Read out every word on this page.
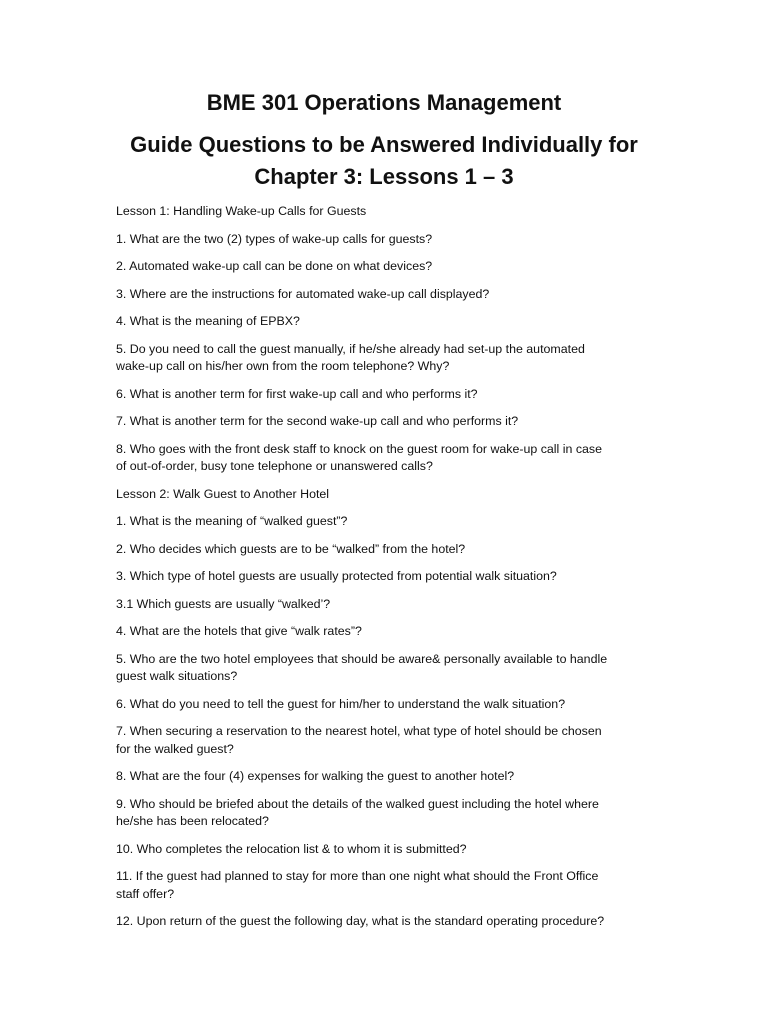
BME 301 Operations Management
Guide Questions to be Answered Individually for
Chapter 3: Lessons 1 – 3

Lesson 1: Handling Wake-up Calls for Guests

1. What are the two (2) types of wake-up calls for guests?

2. Automated wake-up call can be done on what devices?

3. Where are the instructions for automated wake-up call displayed?

4. What is the meaning of EPBX?

5. Do you need to call the guest manually, if he/she already had set-up the automated

wake-up call on his/her own from the room telephone? Why?

6. What is another term for first wake-up call and who performs it?

7. What is another term for the second wake-up call and who performs it?

8. Who goes with the front desk staff to knock on the guest room for wake-up call in case

of out-of-order, busy tone telephone or unanswered calls?

Lesson 2: Walk Guest to Another Hotel

1. What is the meaning of “walked guest”?

2. Who decides which guests are to be “walked” from the hotel?

3. Which type of hotel guests are usually protected from potential walk situation?

3.1 Which guests are usually “walked’?

4. What are the hotels that give “walk rates”?

5. Who are the two hotel employees that should be aware& personally available to handle

guest walk situations?

6. What do you need to tell the guest for him/her to understand the walk situation?

7. When securing a reservation to the nearest hotel, what type of hotel should be chosen

for the walked guest?

8. What are the four (4) expenses for walking the guest to another hotel?

9. Who should be briefed about the details of the walked guest including the hotel where

he/she has been relocated?

10. Who completes the relocation list & to whom it is submitted?

11. If the guest had planned to stay for more than one night what should the Front Office

staff offer?

12. Upon return of the guest the following day, what is the standard operating procedure?
